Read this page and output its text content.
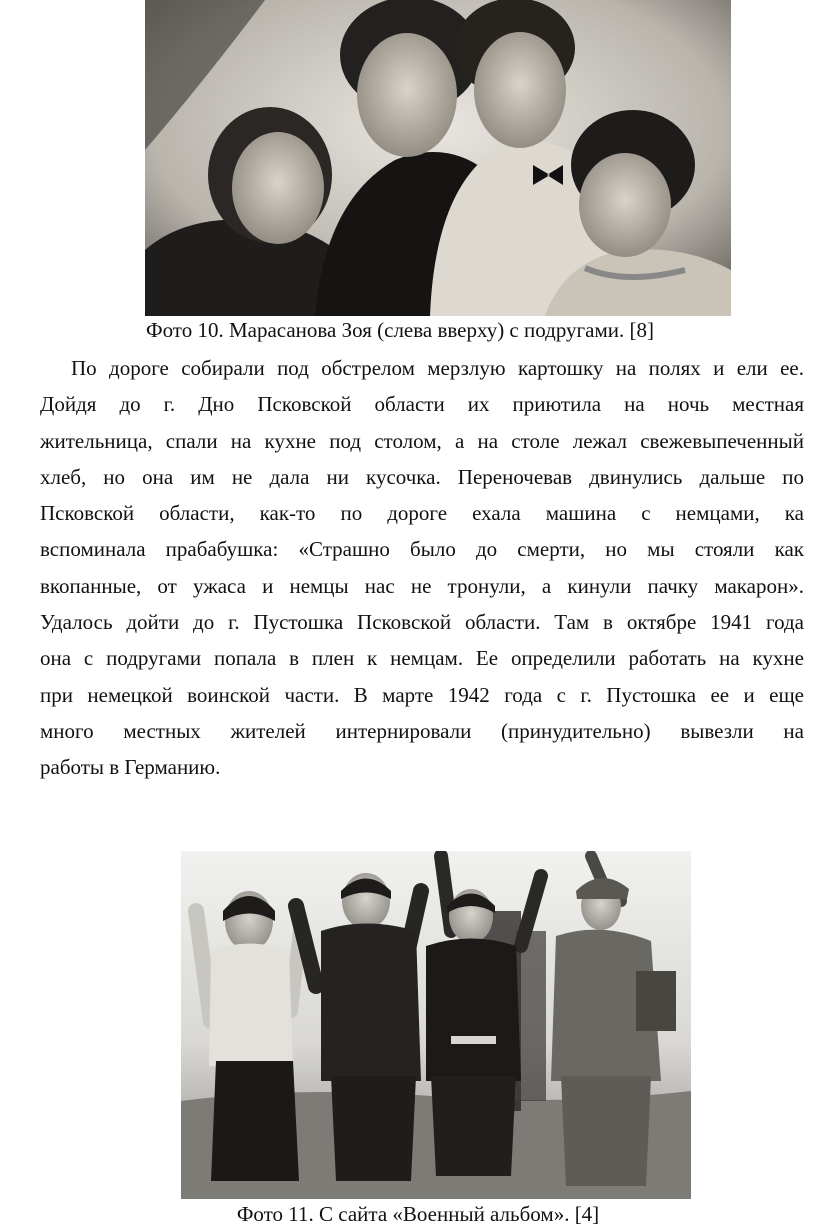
Фото 10. Марасанова Зоя (слева вверху) с подругами. [8]
По дороге собирали под обстрелом мерзлую картошку на полях и ели ее.
Дойдя до г. Дно Псковской области их приютила на ночь местная
жительница, спали на кухне под столом, а на столе лежал свежевыпеченный
хлеб, но она им не дала ни кусочка. Переночевав двинулись дальше по
Псковской области, как-то по дороге ехала машина с немцами, ка
вспоминала прабабушка: «Страшно было до смерти, но мы стояли как
вкопанные, от ужаса и немцы нас не тронули, а кинули пачку макарон».
Удалось дойти до г. Пустошка Псковской области. Там в октябре 1941 года
она с подругами попала в плен к немцам. Ее определили работать на кухне
при немецкой воинской части. В марте 1942 года с г. Пустошка ее и еще
много местных жителей интернировали (принудительно) вывезли на
работы в Германию.
Фото 11. С сайта «Военный альбом». [4]
